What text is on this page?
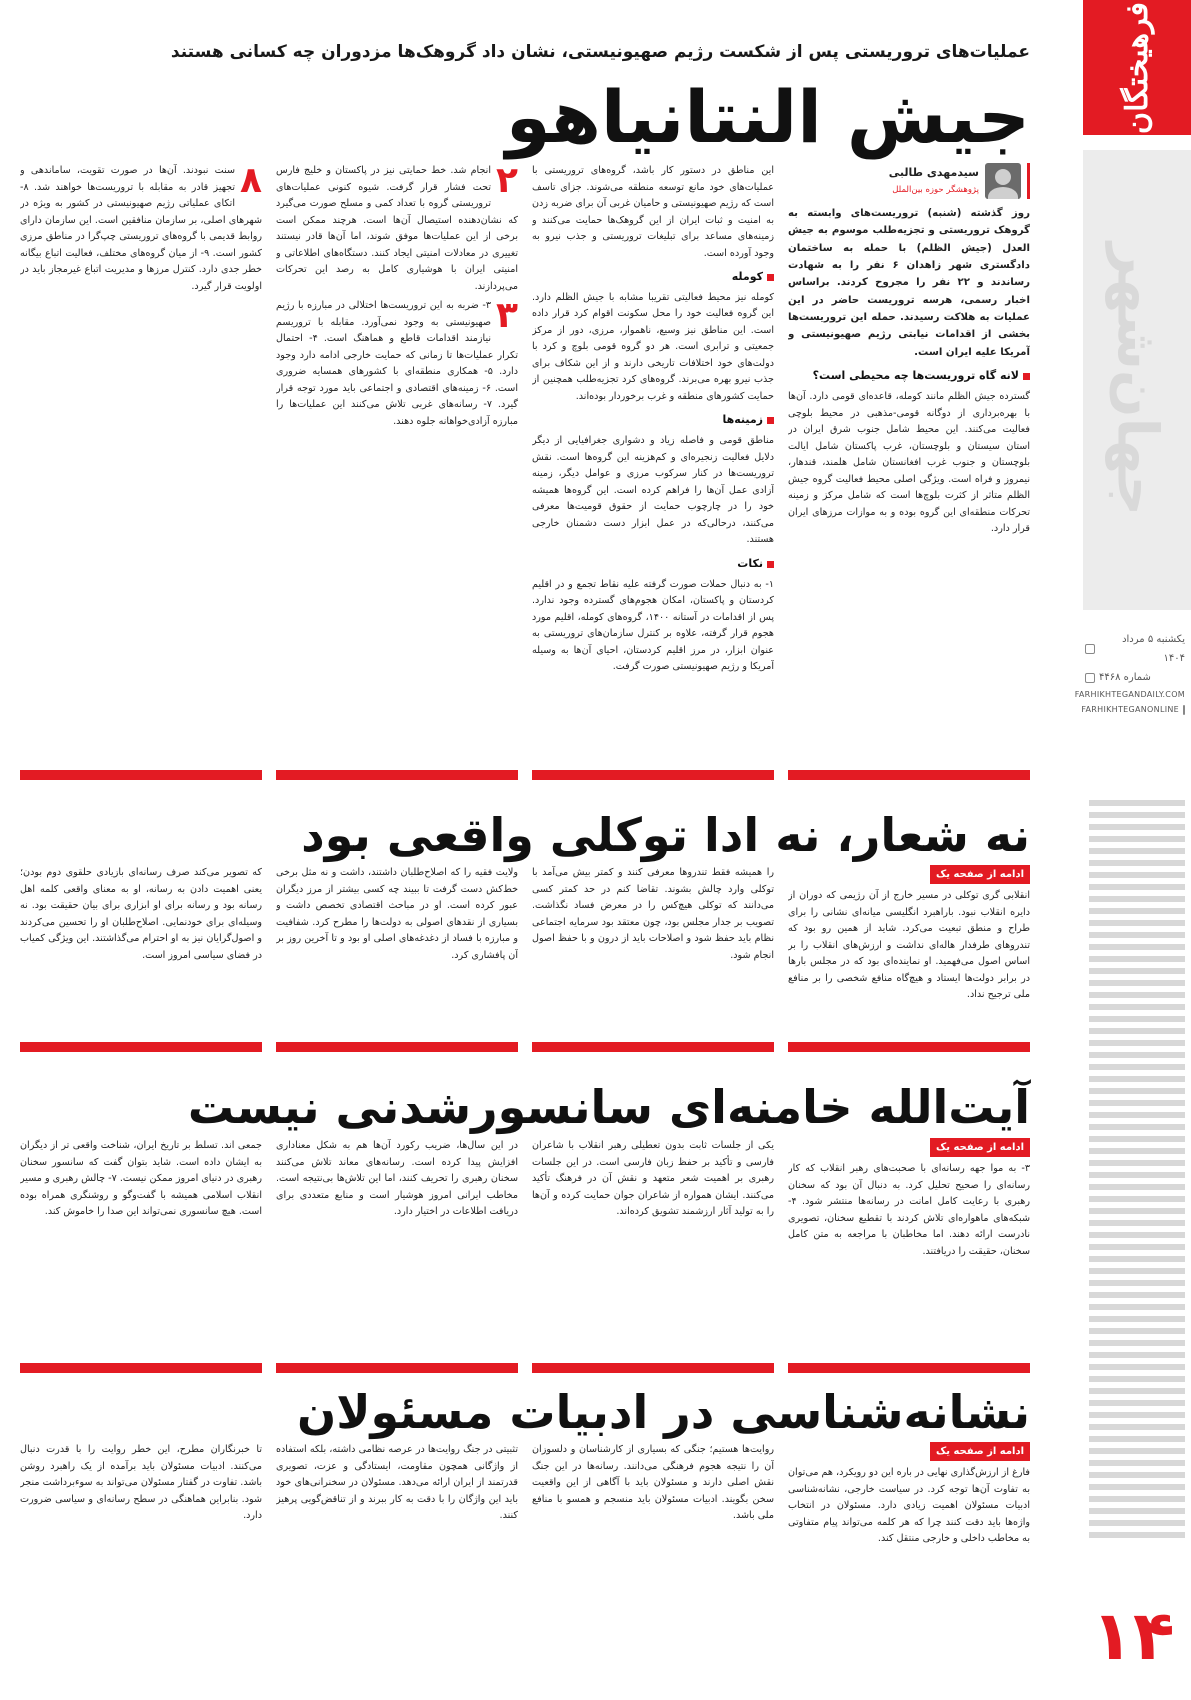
فرهیختگان
جهان‌شهر
یکشنبه ۵ مرداد ۱۴۰۴
شماره ۴۴۶۸
FARHIKHTEGANDAILY.COM
FARHIKHTEGANONLINE
۱۴
عملیات‌های تروریستی پس از شکست رژیم صهیونیستی، نشان داد گروهک‌ها مزدوران چه کسانی هستند
جیش النتانیاهو
سیدمهدی طالبی
پژوهشگر حوزه بین‌الملل

روز گذشته (شنبه) تروریست‌های وابسته به گروهک تروریستی و تجزیه‌طلب موسوم به جیش العدل (جیش الظلم) با حمله به ساختمان دادگستری شهر زاهدان ۶ نفر را به شهادت رساندند و ۲۲ نفر را مجروح کردند. براساس اخبار رسمی، هرسه تروریست حاضر در این عملیات به هلاکت رسیدند. حمله این تروریست‌ها بخشی از اقدامات نیابتی رژیم صهیونیستی و آمریکا علیه ایران است.

لانه گاه تروریست‌ها چه محیطی است؟

گسترده جیش الظلم مانند کومله، قاعده‌ای قومی دارد. آن‌ها با بهره‌برداری از دوگانه قومی-مذهبی در محیط بلوچی فعالیت می‌کنند. این محیط شامل جنوب شرق ایران در استان سیستان و بلوچستان، غرب پاکستان شامل ایالت بلوچستان و جنوب غرب افغانستان شامل هلمند، قندهار، نیمروز و فراه است. ویژگی اصلی محیط فعالیت گروه جیش الظلم متاثر از کثرت بلوچ‌ها است که شامل مرکز و زمینه تحرکات منطقه‌ای این گروه بوده و به موازات مرزهای ایران قرار دارد.

این مناطق در دستور کار باشد، گروه‌های تروریستی با عملیات‌های خود مانع توسعه منطقه می‌شوند. جزای تاسف است که رژیم صهیونیستی و حامیان غربی آن برای ضربه زدن به امنیت و ثبات ایران از این گروهک‌ها حمایت می‌کنند و زمینه‌های مساعد برای تبلیغات تروریستی و جذب نیرو به وجود آورده است.

کومله

کومله نیز محیط فعالیتی تقریبا مشابه با جیش الظلم دارد. این گروه فعالیت خود را محل سکونت اقوام کرد قرار داده است. این مناطق نیز وسیع، ناهموار، مرزی، دور از مرکز جمعیتی و ترابری است. هر دو گروه قومی بلوچ و کرد با دولت‌های خود اختلافات تاریخی دارند و از این شکاف برای جذب نیرو بهره می‌برند. گروه‌های کرد تجزیه‌طلب همچنین از حمایت کشورهای منطقه و غرب برخوردار بوده‌اند.

زمینه‌ها

مناطق قومی و فاصله زیاد و دشواری جغرافیایی از دیگر دلایل فعالیت زنجیره‌ای و کم‌هزینه این گروه‌ها است. نقش تروریست‌ها در کنار سرکوب مرزی و عوامل دیگر، زمینه آزادی عمل آن‌ها را فراهم کرده است. این گروه‌ها همیشه خود را در چارچوب حمایت از حقوق قومیت‌ها معرفی می‌کنند، درحالی‌که در عمل ابزار دست دشمنان خارجی هستند.

نکات

۱- به دنبال حملات صورت گرفته علیه نقاط تجمع و در اقلیم کردستان و پاکستان، امکان هجوم‌های گسترده وجود ندارد. پس از اقدامات در آستانه ۱۴۰۰، گروه‌های کومله، اقلیم مورد هجوم قرار گرفته، علاوه بر کنترل سازمان‌های تروریستی به عنوان ابزار، در مرز اقلیم کردستان، احیای آن‌ها به وسیله آمریکا و رژیم صهیونیستی صورت گرفت.

۲

انجام شد. خط حمایتی نیز در پاکستان و خلیج فارس تحت فشار قرار گرفت. شیوه کنونی عملیات‌های تروریستی گروه با تعداد کمی و مسلح صورت می‌گیرد که نشان‌دهنده استیصال آن‌ها است. هرچند ممکن است برخی از این عملیات‌ها موفق شوند، اما آن‌ها قادر نیستند تغییری در معادلات امنیتی ایجاد کنند. دستگاه‌های اطلاعاتی و امنیتی ایران با هوشیاری کامل به رصد این تحرکات می‌پردازند.

۳

۳- ضربه به این تروریست‌ها اختلالی در مبارزه با رژیم صهیونیستی به وجود نمی‌آورد. مقابله با تروریسم نیازمند اقدامات قاطع و هماهنگ است. ۴- احتمال تکرار عملیات‌ها تا زمانی که حمایت خارجی ادامه دارد وجود دارد. ۵- همکاری منطقه‌ای با کشورهای همسایه ضروری است. ۶- زمینه‌های اقتصادی و اجتماعی باید مورد توجه قرار گیرد. ۷- رسانه‌های غربی تلاش می‌کنند این عملیات‌ها را مبارزه آزادی‌خواهانه جلوه دهند.

۸

سنت نبودند. آن‌ها در صورت تقویت، ساماندهی و تجهیز قادر به مقابله با تروریست‌ها خواهند شد. ۸- اتکای عملیاتی رژیم صهیونیستی در کشور به ویژه در شهرهای اصلی، بر سازمان منافقین است. این سازمان دارای روابط قدیمی با گروه‌های تروریستی چپ‌گرا در مناطق مرزی کشور است. ۹- از میان گروه‌های مختلف، فعالیت اتباع بیگانه خطر جدی دارد. کنترل مرزها و مدیریت اتباع غیرمجاز باید در اولویت قرار گیرد.

نه شعار، نه ادا توکلی واقعی بود
ادامه از صفحه یک

انقلابی گری توکلی در مسیر خارج از آن رژیمی که دوران از دایره انقلاب نبود. باراهبرد انگلیسی میانه‌ای نشانی را برای طراح و منطق تبعیت می‌کرد. شاید از همین رو بود که تندروهای طرفدار هاله‌ای نداشت و ارزش‌های انقلاب را بر اساس اصول می‌فهمید. او نماینده‌ای بود که در مجلس بارها در برابر دولت‌ها ایستاد و هیچ‌گاه منافع شخصی را بر منافع ملی ترجیح نداد.

را همیشه فقط تندروها معرفی کنند و کمتر بیش می‌آمد با توکلی وارد چالش بشوند. تقاضا کنم در حد کمتر کسی می‌دانند که توکلی هیچ‌کس را در معرض فساد نگذاشت. تصویب بر جدار مجلس بود، چون معتقد بود سرمایه اجتماعی نظام باید حفظ شود و اصلاحات باید از درون و با حفظ اصول انجام شود.

ولایت فقیه را که اصلاح‌طلبان داشتند، داشت و نه مثل برخی خط‌کش دست گرفت تا ببیند چه کسی بیشتر از مرز دیگران عبور کرده است. او در مباحث اقتصادی تخصص داشت و بسیاری از نقدهای اصولی به دولت‌ها را مطرح کرد. شفافیت و مبارزه با فساد از دغدغه‌های اصلی او بود و تا آخرین روز بر آن پافشاری کرد.

که تصویر می‌کند صرف رسانه‌ای بازیادی حلقوی دوم بودن؛ یعنی اهمیت دادن به رسانه، او به معنای واقعی کلمه اهل رسانه بود و رسانه برای او ابزاری برای بیان حقیقت بود. نه وسیله‌ای برای خودنمایی. اصلاح‌طلبان او را تحسین می‌کردند و اصول‌گرایان نیز به او احترام می‌گذاشتند. این ویژگی کمیاب در فضای سیاسی امروز است.

آیت‌الله خامنه‌ای سانسورشدنی نیست
ادامه از صفحه یک

۳- به موا جهه رسانه‌ای با صحبت‌های رهبر انقلاب که کار رسانه‌ای را صحیح تحلیل کرد. به دنبال آن بود که سخنان رهبری با رعایت کامل امانت در رسانه‌ها منتشر شود. ۴- شبکه‌های ماهواره‌ای تلاش کردند با تقطیع سخنان، تصویری نادرست ارائه دهند. اما مخاطبان با مراجعه به متن کامل سخنان، حقیقت را دریافتند.

یکی از جلسات ثابت بدون تعطیلی رهبر انقلاب با شاعران فارسی و تأکید بر حفظ زبان فارسی است. در این جلسات رهبری بر اهمیت شعر متعهد و نقش آن در فرهنگ تأکید می‌کنند. ایشان همواره از شاعران جوان حمایت کرده و آن‌ها را به تولید آثار ارزشمند تشویق کرده‌اند.

در این سال‌ها، ضریب رکورد آن‌ها هم به شکل معناداری افزایش پیدا کرده است. رسانه‌های معاند تلاش می‌کنند سخنان رهبری را تحریف کنند، اما این تلاش‌ها بی‌نتیجه است. مخاطب ایرانی امروز هوشیار است و منابع متعددی برای دریافت اطلاعات در اختیار دارد.

جمعی اند. تسلط بر تاریخ ایران، شناخت واقعی تر از دیگران به ایشان داده است. شاید بتوان گفت که سانسور سخنان رهبری در دنیای امروز ممکن نیست. ۷- چالش رهبری و مسیر انقلاب اسلامی همیشه با گفت‌وگو و روشنگری همراه بوده است. هیچ سانسوری نمی‌تواند این صدا را خاموش کند.

نشانه‌شناسی در ادبیات مسئولان
ادامه از صفحه یک

فارغ از ارزش‌گذاری نهایی در باره این دو رویکرد، هم می‌توان به تفاوت آن‌ها توجه کرد. در سیاست خارجی، نشانه‌شناسی ادبیات مسئولان اهمیت زیادی دارد. مسئولان در انتخاب واژه‌ها باید دقت کنند چرا که هر کلمه می‌تواند پیام متفاوتی به مخاطب داخلی و خارجی منتقل کند.

روایت‌ها هستیم؛ جنگی که بسیاری از کارشناسان و دلسوزان آن را نتیجه هجوم فرهنگی می‌دانند. رسانه‌ها در این جنگ نقش اصلی دارند و مسئولان باید با آگاهی از این واقعیت سخن بگویند. ادبیات مسئولان باید منسجم و همسو با منافع ملی باشد.

تثبیتی در جنگ روایت‌ها در عرصه نظامی داشته، بلکه استفاده از واژگانی همچون مقاومت، ایستادگی و عزت، تصویری قدرتمند از ایران ارائه می‌دهد. مسئولان در سخنرانی‌های خود باید این واژگان را با دقت به کار ببرند و از تناقض‌گویی پرهیز کنند.

تا خبرنگاران مطرح، این خطر روایت را با قدرت دنبال می‌کنند. ادبیات مسئولان باید برآمده از یک راهبرد روشن باشد. تفاوت در گفتار مسئولان می‌تواند به سوءبرداشت منجر شود. بنابراین هماهنگی در سطح رسانه‌ای و سیاسی ضرورت دارد.
